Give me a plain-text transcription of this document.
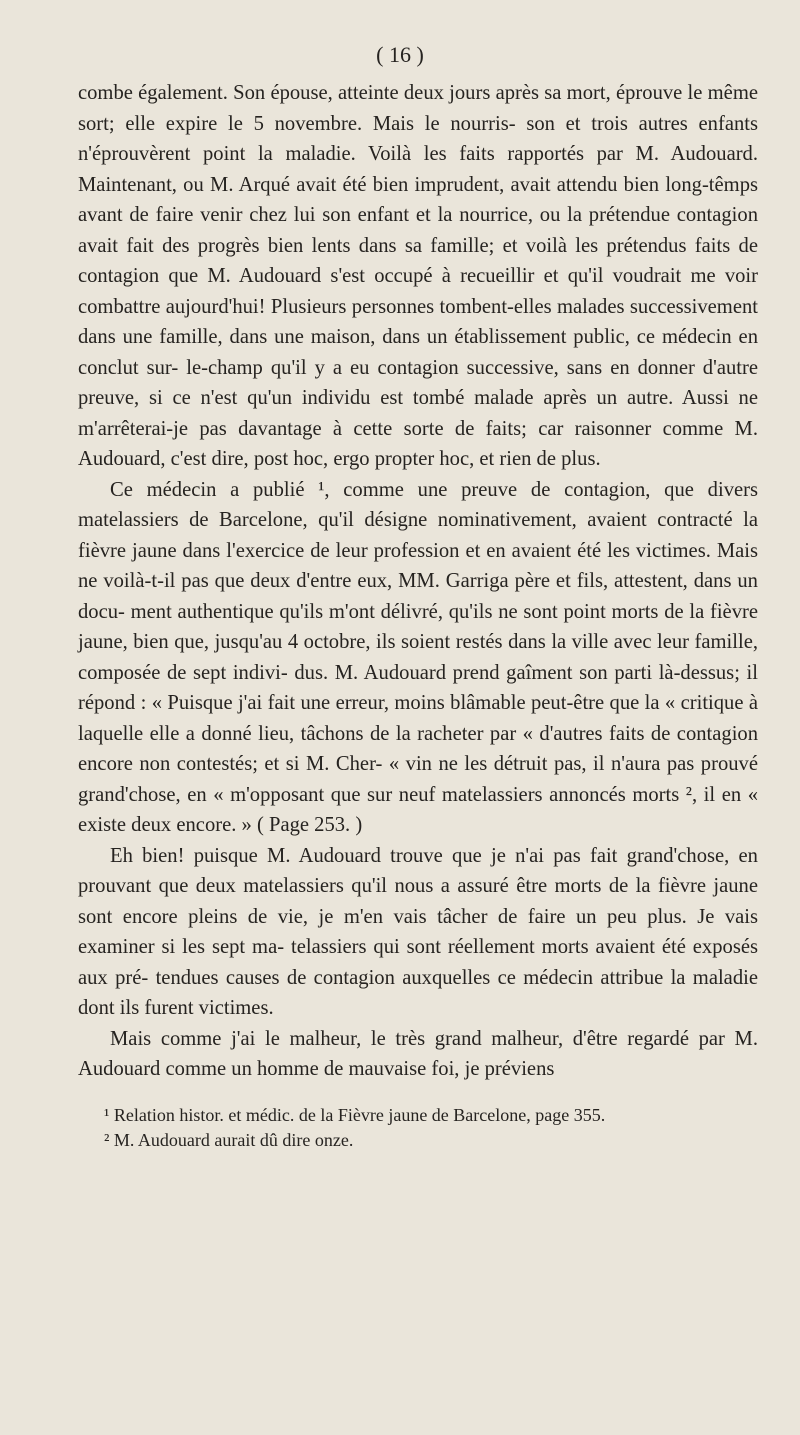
( 16 )

combe également. Son épouse, atteinte deux jours après sa mort, éprouve le même sort; elle expire le 5 novembre. Mais le nourris- son et trois autres enfants n'éprouvèrent point la maladie. Voilà les faits rapportés par M. Audouard. Maintenant, ou M. Arqué avait été bien imprudent, avait attendu bien long-têmps avant de faire venir chez lui son enfant et la nourrice, ou la prétendue contagion avait fait des progrès bien lents dans sa famille; et voilà les prétendus faits de contagion que M. Audouard s'est occupé à recueillir et qu'il voudrait me voir combattre aujourd'hui! Plusieurs personnes tombent-elles malades successivement dans une famille, dans une maison, dans un établissement public, ce médecin en conclut sur- le-champ qu'il y a eu contagion successive, sans en donner d'autre preuve, si ce n'est qu'un individu est tombé malade après un autre. Aussi ne m'arrêterai-je pas davantage à cette sorte de faits; car raisonner comme M. Audouard, c'est dire, post hoc, ergo propter hoc, et rien de plus.

Ce médecin a publié ¹, comme une preuve de contagion, que divers matelassiers de Barcelone, qu'il désigne nominativement, avaient contracté la fièvre jaune dans l'exercice de leur profession et en avaient été les victimes. Mais ne voilà-t-il pas que deux d'entre eux, MM. Garriga père et fils, attestent, dans un docu- ment authentique qu'ils m'ont délivré, qu'ils ne sont point morts de la fièvre jaune, bien que, jusqu'au 4 octobre, ils soient restés dans la ville avec leur famille, composée de sept indivi- dus. M. Audouard prend gaîment son parti là-dessus; il répond : « Puisque j'ai fait une erreur, moins blâmable peut-être que la « critique à laquelle elle a donné lieu, tâchons de la racheter par « d'autres faits de contagion encore non contestés; et si M. Cher- « vin ne les détruit pas, il n'aura pas prouvé grand'chose, en « m'opposant que sur neuf matelassiers annoncés morts ², il en « existe deux encore. » ( Page 253. )

Eh bien! puisque M. Audouard trouve que je n'ai pas fait grand'chose, en prouvant que deux matelassiers qu'il nous a assuré être morts de la fièvre jaune sont encore pleins de vie, je m'en vais tâcher de faire un peu plus. Je vais examiner si les sept ma- telassiers qui sont réellement morts avaient été exposés aux pré- tendues causes de contagion auxquelles ce médecin attribue la maladie dont ils furent victimes.

Mais comme j'ai le malheur, le très grand malheur, d'être regardé par M. Audouard comme un homme de mauvaise foi, je préviens

¹ Relation histor. et médic. de la Fièvre jaune de Barcelone, page 355.

² M. Audouard aurait dû dire onze.
